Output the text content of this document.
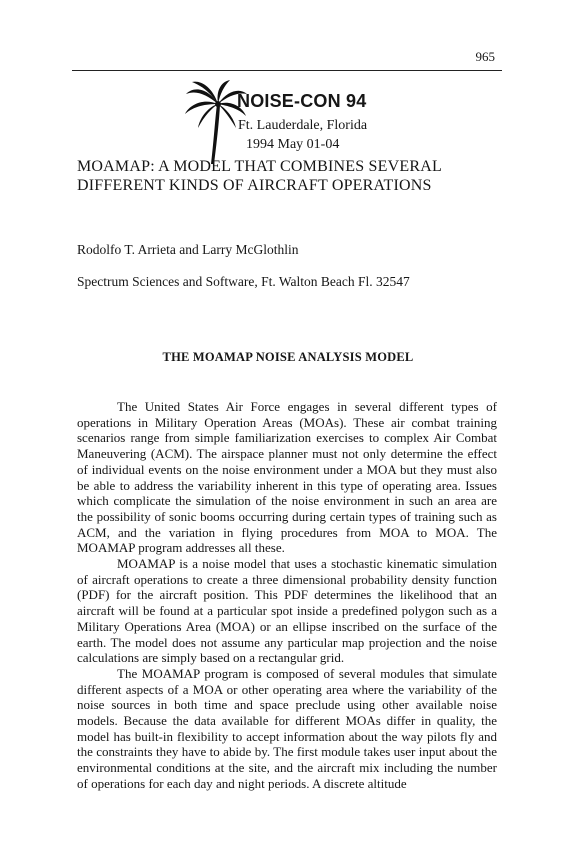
965
NOISE-CON 94
Ft. Lauderdale, Florida
1994 May 01-04
MOAMAP: A MODEL THAT COMBINES SEVERAL
DIFFERENT KINDS OF AIRCRAFT OPERATIONS
Rodolfo T. Arrieta and Larry McGlothlin
Spectrum Sciences and Software, Ft. Walton Beach Fl. 32547
THE MOAMAP NOISE ANALYSIS MODEL

The United States Air Force engages in several different types of operations in Military Operation Areas (MOAs). These air combat training scenarios range from simple familiarization exercises to complex Air Combat Maneuvering (ACM). The airspace planner must not only determine the effect of individual events on the noise environment under a MOA but they must also be able to address the variability inherent in this type of operating area. Issues which complicate the simulation of the noise environment in such an area are the possibility of sonic booms occurring during certain types of training such as ACM, and the variation in flying procedures from MOA to MOA. The MOAMAP program addresses all these.

MOAMAP is a noise model that uses a stochastic kinematic simulation of aircraft operations to create a three dimensional probability density function (PDF) for the aircraft position. This PDF determines the likelihood that an aircraft will be found at a particular spot inside a predefined polygon such as a Military Operations Area (MOA) or an ellipse inscribed on the surface of the earth. The model does not assume any particular map projection and the noise calculations are simply based on a rectangular grid.

The MOAMAP program is composed of several modules that simulate different aspects of a MOA or other operating area where the variability of the noise sources in both time and space preclude using other available noise models. Because the data available for different MOAs differ in quality, the model has built-in flexibility to accept information about the way pilots fly and the constraints they have to abide by. The first module takes user input about the environmental conditions at the site, and the aircraft mix including the number of operations for each day and night periods. A discrete altitude
